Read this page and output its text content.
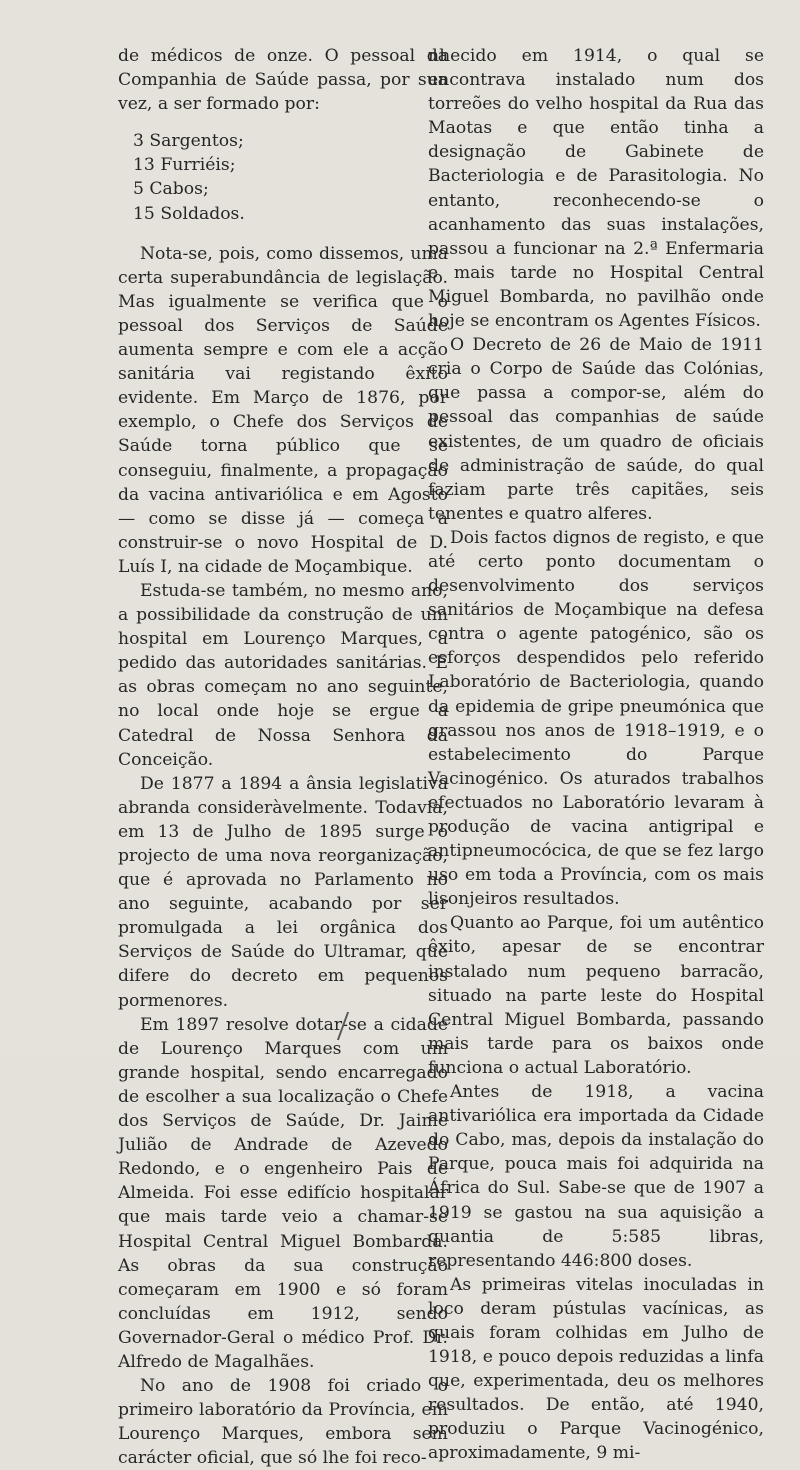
de médicos de onze. O pessoal da Companhia de Saúde passa, por sua vez, a ser formado por:

3 Sargentos;
13 Furriéis;
5 Cabos;
15 Soldados.

Nota-se, pois, como dissemos, uma certa superabundância de legislação. Mas igualmente se verifica que o pessoal dos Serviços de Saúde aumenta sempre e com ele a acção sanitária vai registando êxito evidente. Em Março de 1876, por exemplo, o Chefe dos Serviços de Saúde torna público que se conseguiu, finalmente, a propagação da vacina antivariólica e em Agosto — como se disse já — começa a construir-se o novo Hospital de D. Luís I, na cidade de Moçambique.

Estuda-se também, no mesmo ano, a possibilidade da construção de um hospital em Lourenço Marques, a pedido das autoridades sanitárias. E as obras começam no ano seguinte, no local onde hoje se ergue a Catedral de Nossa Senhora da Conceição.

De 1877 a 1894 a ânsia legislativa abranda consideràvelmente. Todavia, em 13 de Julho de 1895 surge o projecto de uma nova reorganização, que é aprovada no Parlamento no ano seguinte, acabando por ser promulgada a lei orgânica dos Serviços de Saúde do Ultramar, que difere do decreto em pequenos pormenores.

Em 1897 resolve dotar-se a cidade de Lourenço Marques com um grande hospital, sendo encarregado de escolher a sua localização o Chefe dos Serviços de Saúde, Dr. Jaime Julião de Andrade de Azevedo Redondo, e o engenheiro Pais de Almeida. Foi esse edifício hospitalar que mais tarde veio a chamar-se Hospital Central Miguel Bombarda. As obras da sua construção começaram em 1900 e só foram concluídas em 1912, sendo Governador-Geral o médico Prof. Dr. Alfredo de Magalhães.

No ano de 1908 foi criado o primeiro laboratório da Província, em Lourenço Marques, embora sem carácter oficial, que só lhe foi reco-

nhecido em 1914, o qual se encontrava instalado num dos torreões do velho hospital da Rua das Maotas e que então tinha a designação de Gabinete de Bacteriologia e de Parasitologia. No entanto, reconhecendo-se o acanhamento das suas instalações, passou a funcionar na 2.ª Enfermaria e mais tarde no Hospital Central Miguel Bombarda, no pavilhão onde hoje se encontram os Agentes Físicos.

O Decreto de 26 de Maio de 1911 cria o Corpo de Saúde das Colónias, que passa a compor-se, além do pessoal das companhias de saúde existentes, de um quadro de oficiais de administração de saúde, do qual faziam parte três capitães, seis tenentes e quatro alferes.

Dois factos dignos de registo, e que até certo ponto documentam o desenvolvimento dos serviços sanitários de Moçambique na defesa contra o agente patogénico, são os esforços despendidos pelo referido Laboratório de Bacteriologia, quando da epidemia de gripe pneumónica que grassou nos anos de 1918–1919, e o estabelecimento do Parque Vacinogénico. Os aturados trabalhos efectuados no Laboratório levaram à produção de vacina antigripal e antipneumocócica, de que se fez largo uso em toda a Província, com os mais lisonjeiros resultados.

Quanto ao Parque, foi um autêntico êxito, apesar de se encontrar instalado num pequeno barracão, situado na parte leste do Hospital Central Miguel Bombarda, passando mais tarde para os baixos onde funciona o actual Laboratório.

Antes de 1918, a vacina antivariólica era importada da Cidade do Cabo, mas, depois da instalação do Parque, pouca mais foi adquirida na África do Sul. Sabe-se que de 1907 a 1919 se gastou na sua aquisição a quantia de 5:585 libras, representando 446:800 doses.

As primeiras vitelas inoculadas in loco deram pústulas vacínicas, as quais foram colhidas em Julho de 1918, e pouco depois reduzidas a linfa que, experimentada, deu os melhores resultados. De então, até 1940, produziu o Parque Vacinogénico, aproximadamente, 9 mi-
